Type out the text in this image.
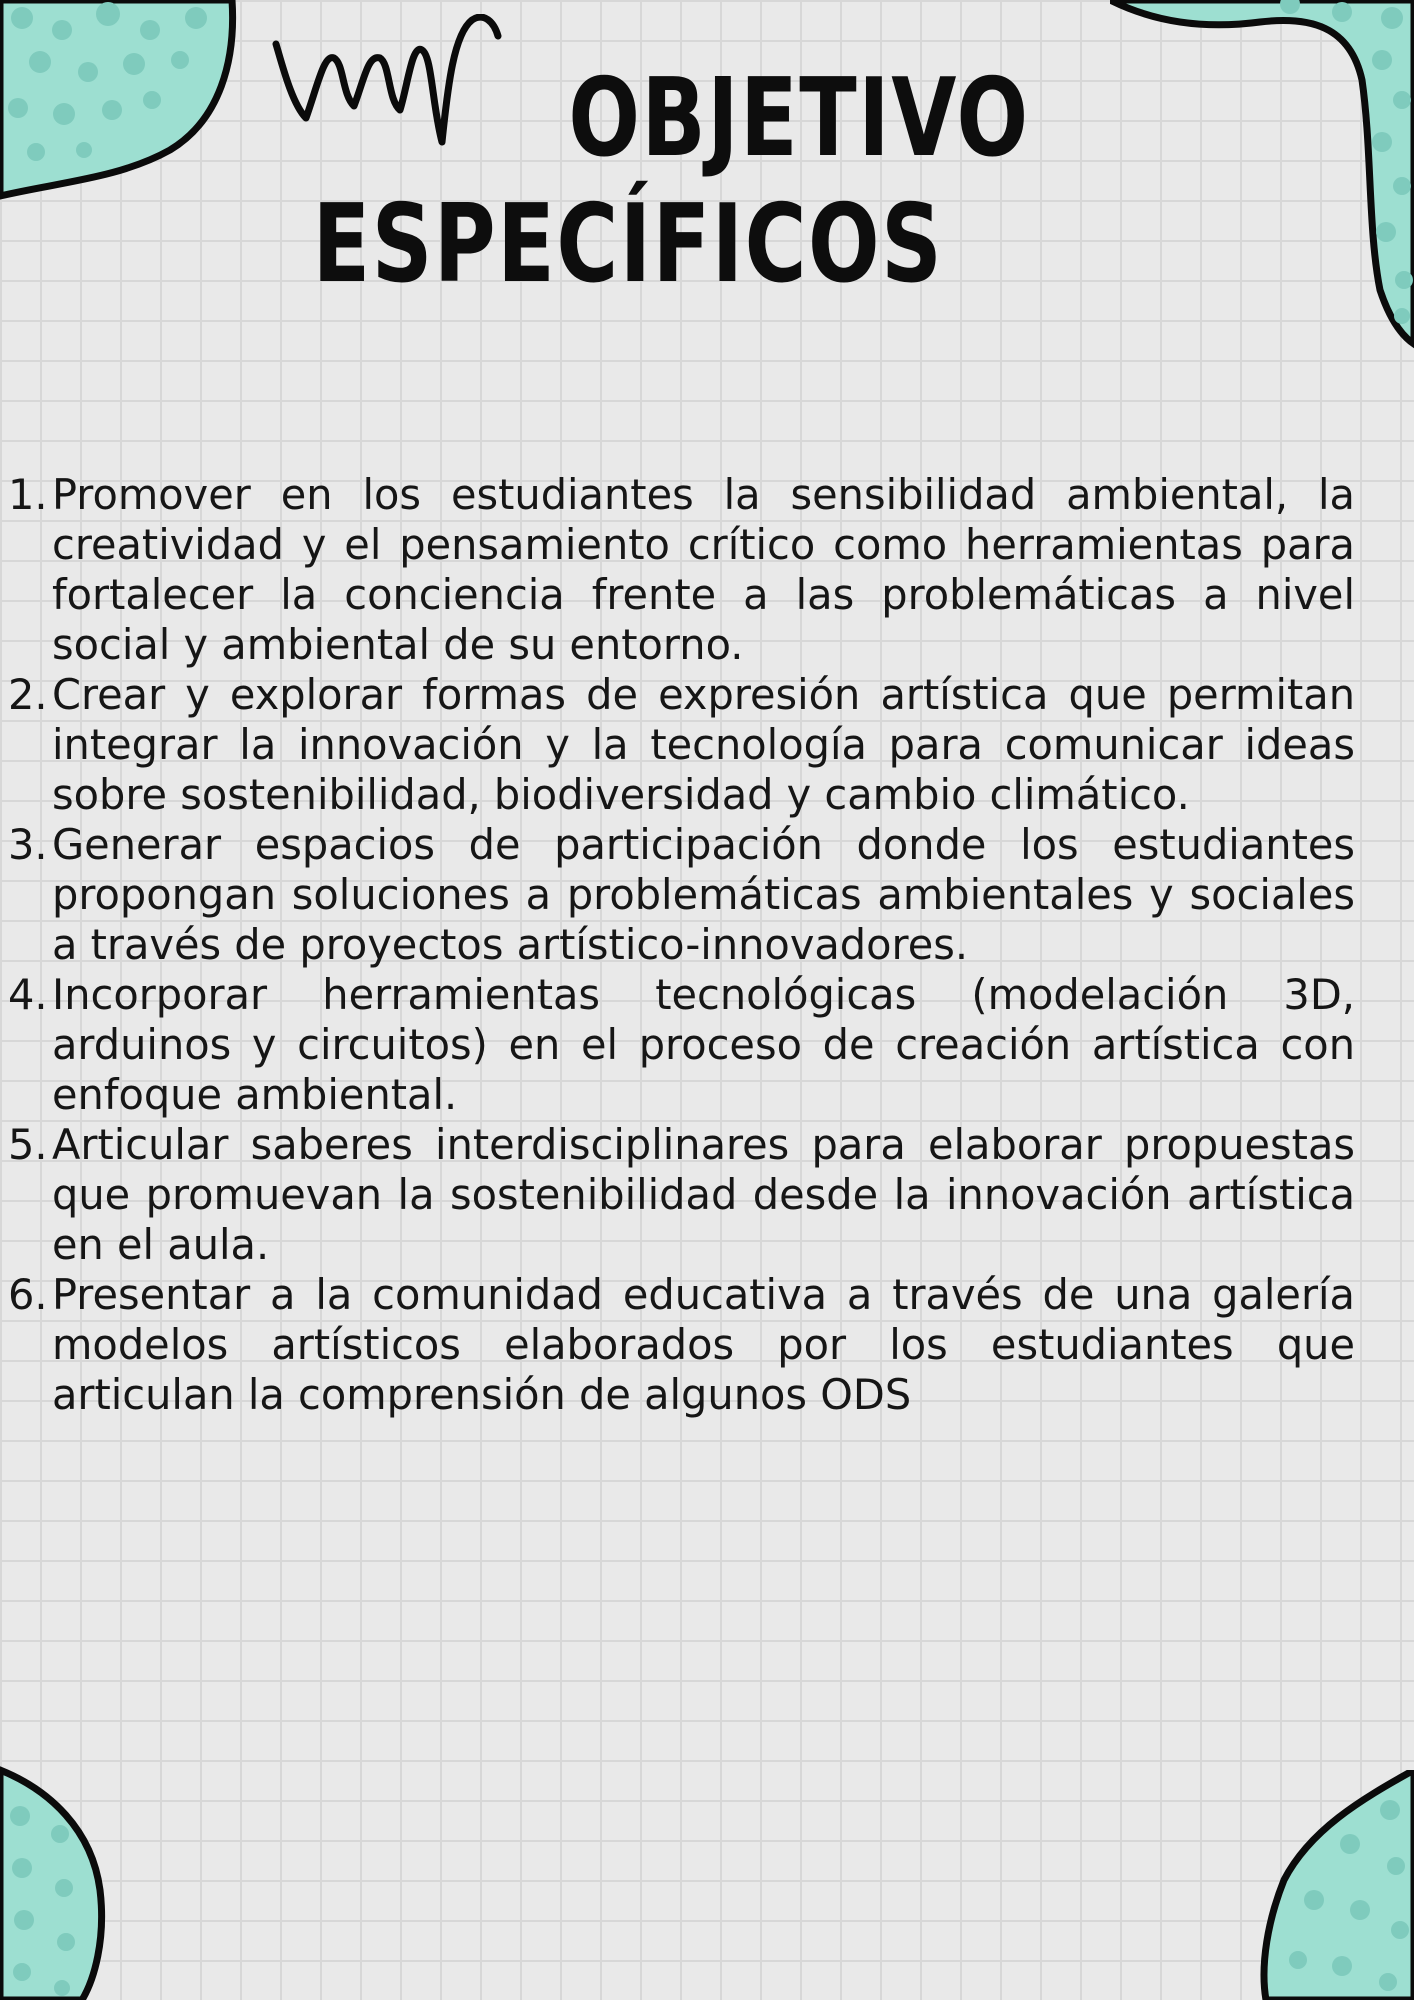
OBJETIVO
ESPECÍFICOS
1. Promover en los estudiantes la sensibilidad ambiental, la creatividad y el pensamiento crítico como herramientas para fortalecer la conciencia frente a las problemáticas a nivel social y ambiental de su entorno.
2. Crear y explorar formas de expresión artística que permitan integrar la innovación y la tecnología para comunicar ideas sobre sostenibilidad, biodiversidad y cambio climático.
3. Generar espacios de participación donde los estudiantes propongan soluciones a problemáticas ambientales y sociales a través de proyectos artístico-innovadores.
4. Incorporar herramientas tecnológicas (modelación 3D, arduinos y circuitos) en el proceso de creación artística con enfoque ambiental.
5. Articular saberes interdisciplinares para elaborar propuestas que promuevan la sostenibilidad desde la innovación artística en el aula.
6. Presentar a la comunidad educativa a través de una galería modelos artísticos elaborados por los estudiantes que articulan la comprensión de algunos ODS
